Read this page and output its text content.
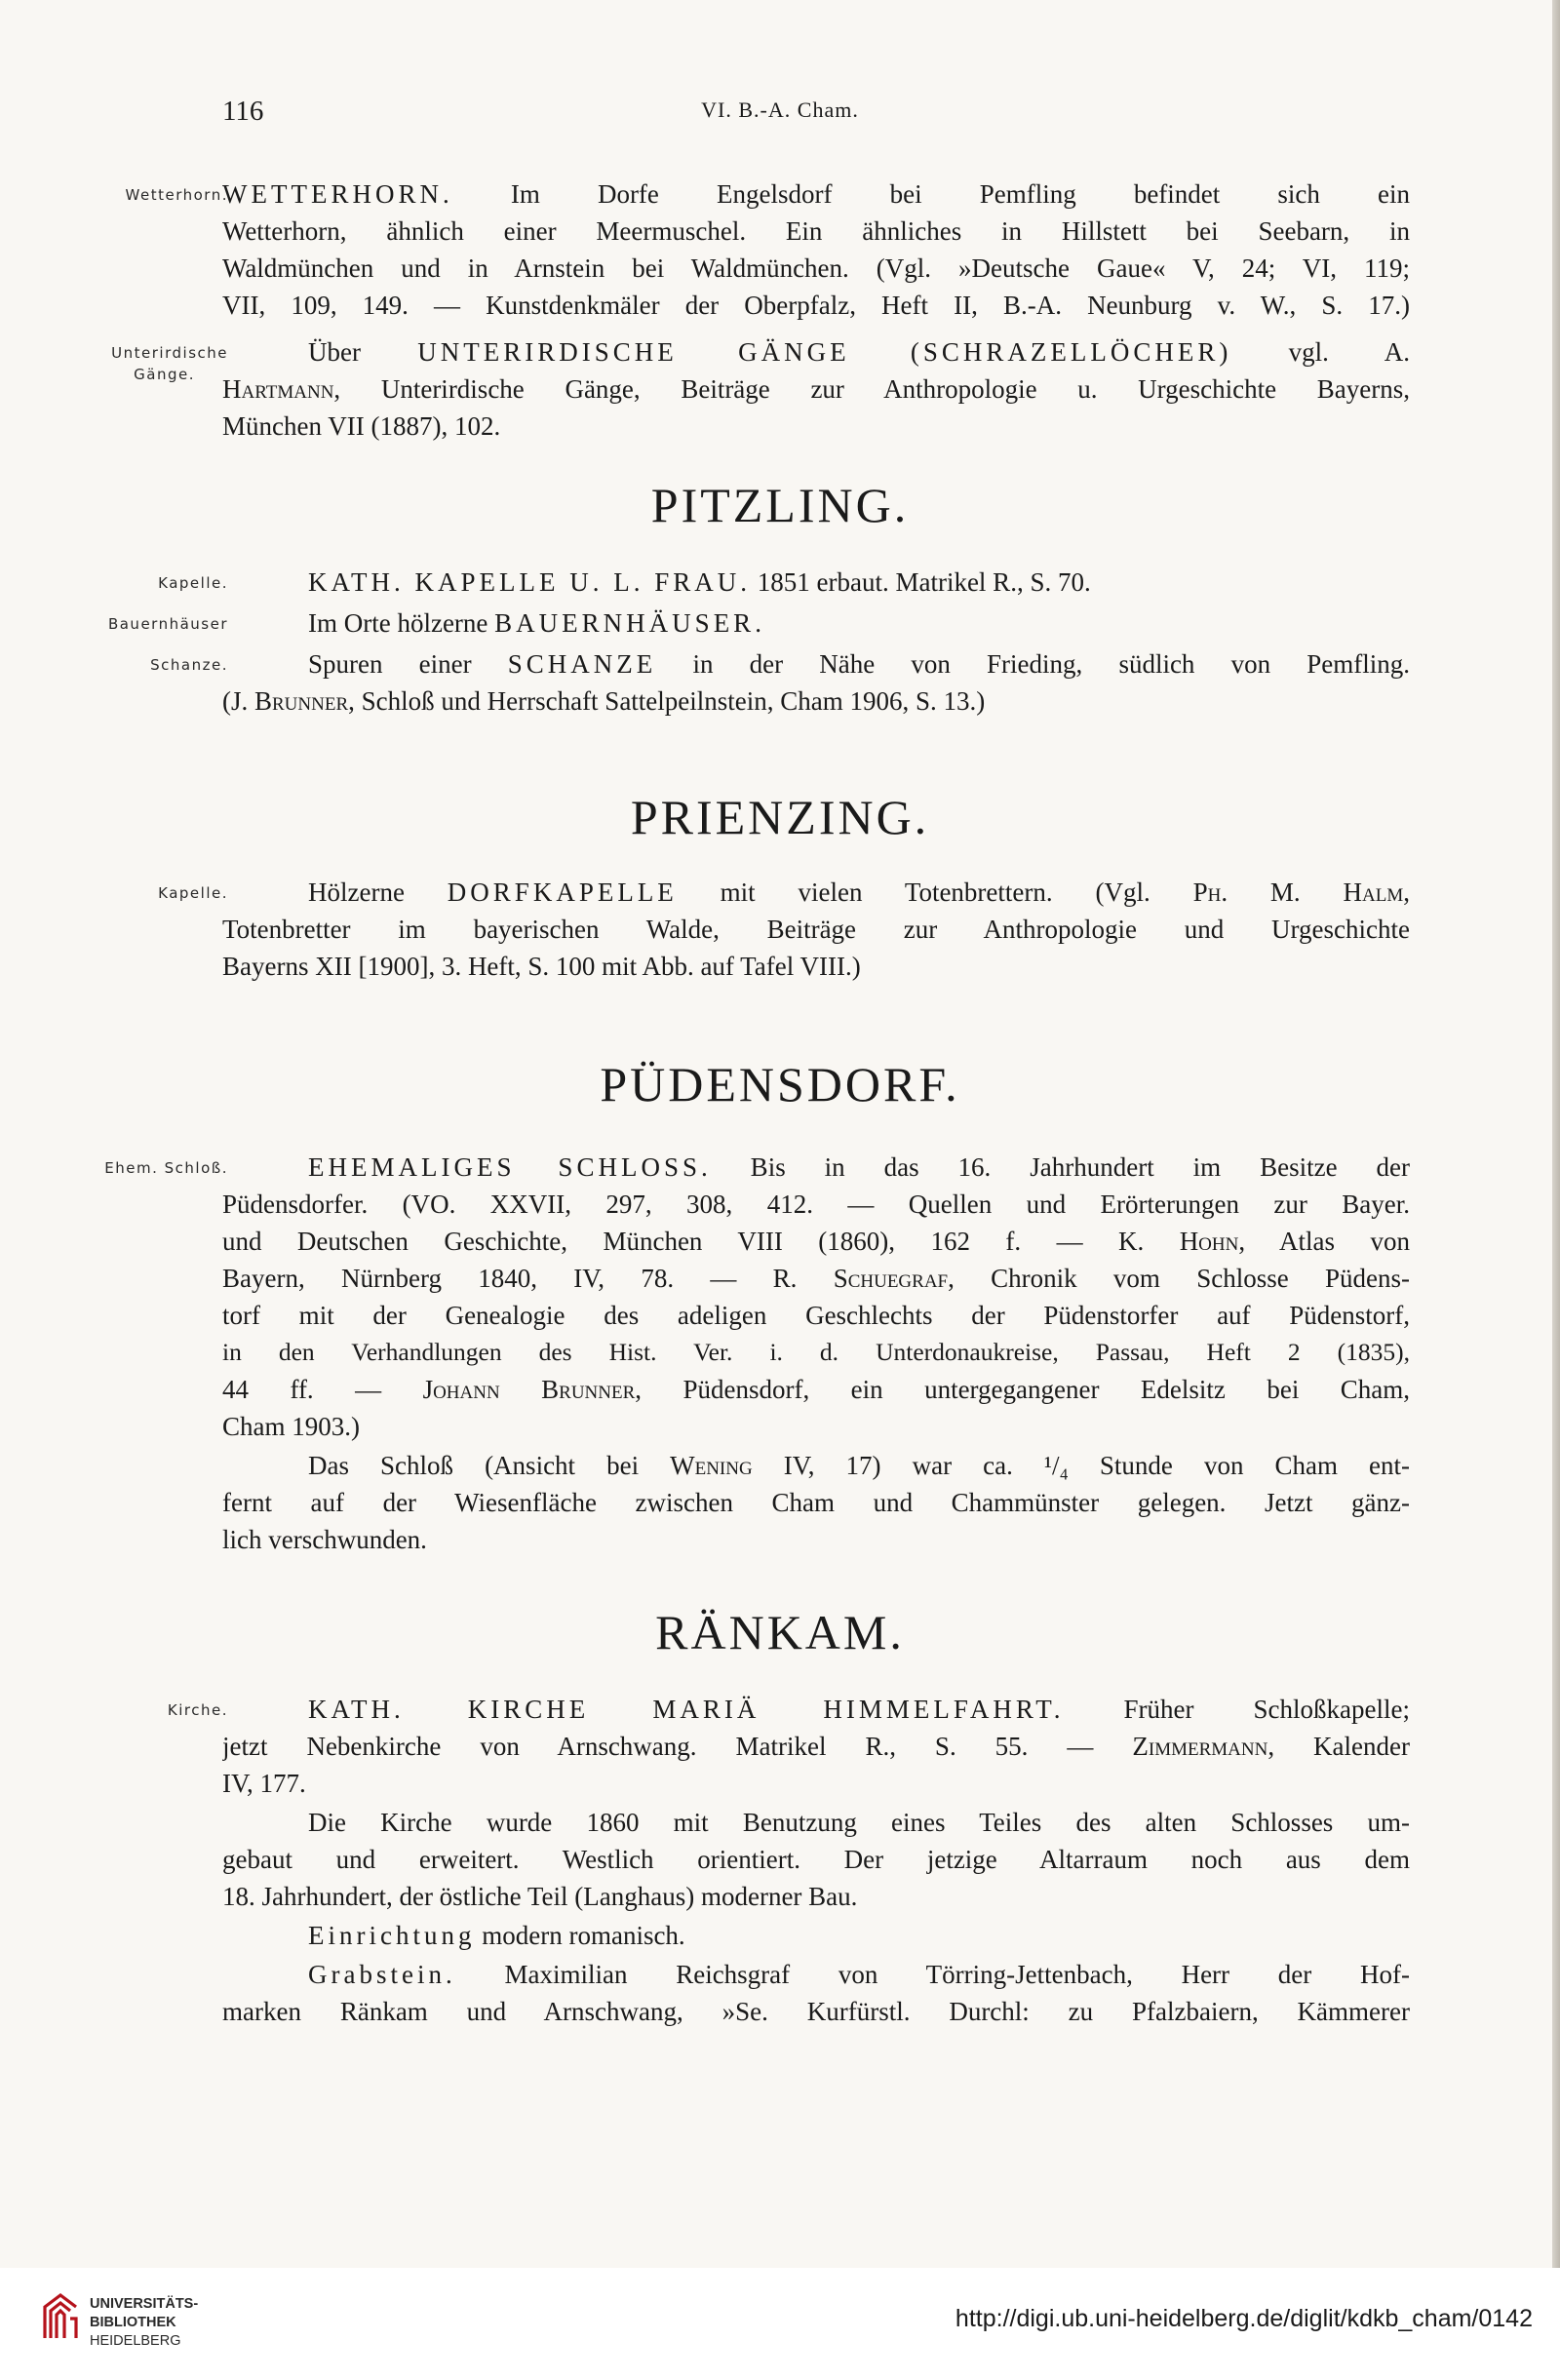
116	VI. B.-A. Cham.
Wetterhorn.
WETTERHORN. Im Dorfe Engelsdorf bei Pemfling befindet sich ein
Wetterhorn, ähnlich einer Meermuschel. Ein ähnliches in Hillstett bei Seebarn, in
Waldmünchen und in Arnstein bei Waldmünchen. (Vgl. »Deutsche Gaue« V, 24; VI, 119;
VII, 109, 149. — Kunstdenkmäler der Oberpfalz, Heft II, B.-A. Neunburg v. W., S. 17.)
Unterirdische
Gänge.
Über UNTERIRDISCHE GÄNGE (SCHRAZELLÖCHER) vgl. A.
Hartmann, Unterirdische Gänge, Beiträge zur Anthropologie u. Urgeschichte Bayerns,
München VII (1887), 102.
PITZLING.
Kapelle.	KATH. KAPELLE U. L. FRAU. 1851 erbaut. Matrikel R., S. 70.
Bauernhäuser	Im Orte hölzerne BAUERNHÄUSER.
Schanze.	Spuren einer SCHANZE in der Nähe von Frieding, südlich von Pemfling.
(J. Brunner, Schloß und Herrschaft Sattelpeilnstein, Cham 1906, S. 13.)
PRIENZING.
Kapelle.	Hölzerne DORFKAPELLE mit vielen Totenbrettern. (Vgl. Ph. M. Halm,
Totenbretter im bayerischen Walde, Beiträge zur Anthropologie und Urgeschichte
Bayerns XII [1900], 3. Heft, S. 100 mit Abb. auf Tafel VIII.)
PÜDENSDORF.
Ehem. Schloß.	EHEMALIGES SCHLOSS. Bis in das 16. Jahrhundert im Besitze der
Püdensdorfer. (VO. XXVII, 297, 308, 412. — Quellen und Erörterungen zur Bayer.
und Deutschen Geschichte, München VIII (1860), 162 f. — K. Hohn, Atlas von
Bayern, Nürnberg 1840, IV, 78. — R. Schuegraf, Chronik vom Schlosse Püdens-
torf mit der Genealogie des adeligen Geschlechts der Püdenstorfer auf Püdenstorf,
in den Verhandlungen des Hist. Ver. i. d. Unterdonaukreise, Passau, Heft 2 (1835),
44 ff. — Johann Brunner, Püdensdorf, ein untergegangener Edelsitz bei Cham,
Cham 1903.)
Das Schloß (Ansicht bei Wening IV, 17) war ca. ¹/₄ Stunde von Cham ent-
fernt auf der Wiesenfläche zwischen Cham und Chammünster gelegen. Jetzt gänz-
lich verschwunden.
RÄNKAM.
Kirche.	KATH. KIRCHE MARIÄ HIMMELFAHRT. Früher Schloßkapelle;
jetzt Nebenkirche von Arnschwang. Matrikel R., S. 55. — Zimmermann, Kalender
IV, 177.
Die Kirche wurde 1860 mit Benutzung eines Teiles des alten Schlosses um-
gebaut und erweitert. Westlich orientiert. Der jetzige Altarraum noch aus dem
18. Jahrhundert, der östliche Teil (Langhaus) moderner Bau.
Einrichtung modern romanisch.
Grabstein. Maximilian Reichsgraf von Törring-Jettenbach, Herr der Hof-
marken Ränkam und Arnschwang, »Se. Kurfürstl. Durchl: zu Pfalzbaiern, Kämmerer
UNIVERSITÄTS-
BIBLIOTHEK
HEIDELBERG
http://digi.ub.uni-heidelberg.de/diglit/kdkb_cham/0142
